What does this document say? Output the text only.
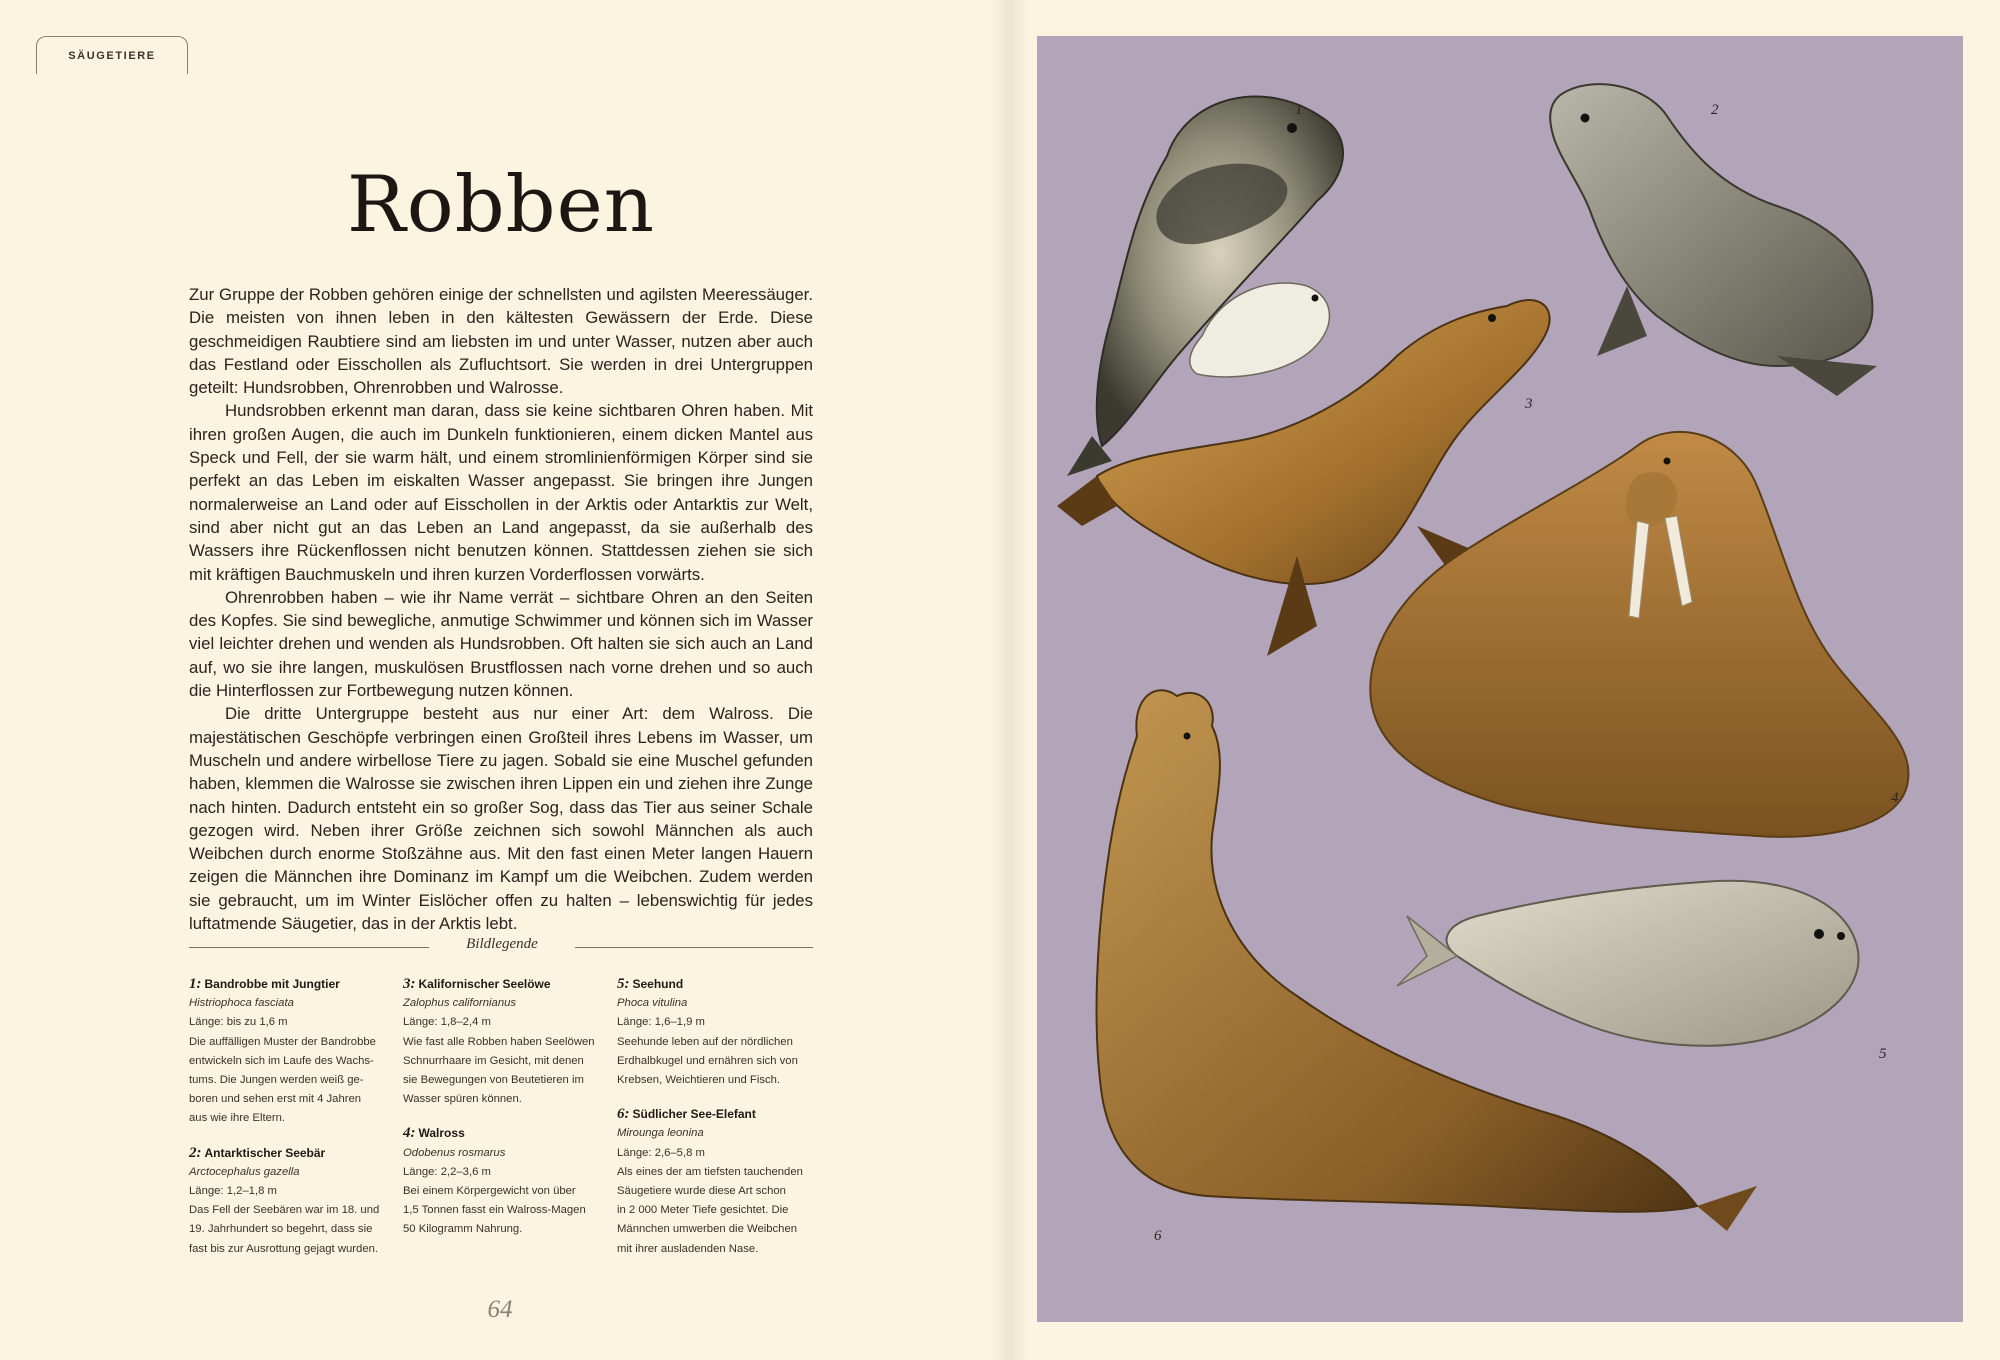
SÄUGETIERE
Robben

Zur Gruppe der Robben gehören einige der schnellsten und agilsten Meeressäuger. Die meisten von ihnen leben in den kältesten Gewässern der Erde. Diese geschmeidigen Raubtiere sind am liebsten im und unter Wasser, nutzen aber auch das Festland oder Eisschollen als Zufluchtsort. Sie werden in drei Untergruppen geteilt: Hundsrobben, Ohrenrobben und Walrosse.

Hundsrobben erkennt man daran, dass sie keine sichtbaren Ohren haben. Mit ihren großen Augen, die auch im Dunkeln funktionieren, einem dicken Mantel aus Speck und Fell, der sie warm hält, und einem stromlinienförmigen Körper sind sie perfekt an das Leben im eiskalten Wasser angepasst. Sie bringen ihre Jungen normalerweise an Land oder auf Eisschollen in der Arktis oder Antarktis zur Welt, sind aber nicht gut an das Leben an Land angepasst, da sie außerhalb des Wassers ihre Rückenflossen nicht benutzen können. Stattdessen ziehen sie sich mit kräftigen Bauchmuskeln und ihren kurzen Vorderflossen vorwärts.

Ohrenrobben haben – wie ihr Name verrät – sichtbare Ohren an den Seiten des Kopfes. Sie sind bewegliche, anmutige Schwimmer und können sich im Wasser viel leichter drehen und wenden als Hundsrobben. Oft halten sie sich auch an Land auf, wo sie ihre langen, muskulösen Brustflossen nach vorne drehen und so auch die Hinterflossen zur Fortbewegung nutzen können.

Die dritte Untergruppe besteht aus nur einer Art: dem Walross. Die majestätischen Geschöpfe verbringen einen Großteil ihres Lebens im Wasser, um Muscheln und andere wirbellose Tiere zu jagen. Sobald sie eine Muschel gefunden haben, klemmen die Walrosse sie zwischen ihren Lippen ein und ziehen ihre Zunge nach hinten. Dadurch entsteht ein so großer Sog, dass das Tier aus seiner Schale gezogen wird. Neben ihrer Größe zeichnen sich sowohl Männchen als auch Weibchen durch enorme Stoßzähne aus. Mit den fast einen Meter langen Hauern zeigen die Männchen ihre Dominanz im Kampf um die Weibchen. Zudem werden sie gebraucht, um im Winter Eislöcher offen zu halten – lebenswichtig für jedes luftatmende Säugetier, das in der Arktis lebt.

Bildlegende
1: Bandrobbe mit Jungtier
Histriophoca fasciata
Länge: bis zu 1,6 m
Die auffälligen Muster der Bandrobbe
entwickeln sich im Laufe des Wachs-
tums. Die Jungen werden weiß ge-
boren und sehen erst mit 4 Jahren
aus wie ihre Eltern.
2: Antarktischer Seebär
Arctocephalus gazella
Länge: 1,2–1,8 m
Das Fell der Seebären war im 18. und
19. Jahrhundert so begehrt, dass sie
fast bis zur Ausrottung gejagt wurden.
3: Kalifornischer Seelöwe
Zalophus californianus
Länge: 1,8–2,4 m
Wie fast alle Robben haben Seelöwen
Schnurrhaare im Gesicht, mit denen
sie Bewegungen von Beutetieren im
Wasser spüren können.
4: Walross
Odobenus rosmarus
Länge: 2,2–3,6 m
Bei einem Körpergewicht von über
1,5 Tonnen fasst ein Walross-Magen
50 Kilogramm Nahrung.
5: Seehund
Phoca vitulina
Länge: 1,6–1,9 m
Seehunde leben auf der nördlichen
Erdhalbkugel und ernähren sich von
Krebsen, Weichtieren und Fisch.
6: Südlicher See-Elefant
Mirounga leonina
Länge: 2,6–5,8 m
Als eines der am tiefsten tauchenden
Säugetiere wurde diese Art schon
in 2 000 Meter Tiefe gesichtet. Die
Männchen umwerben die Weibchen
mit ihrer ausladenden Nase.
64
1	2
3
4
5
6
